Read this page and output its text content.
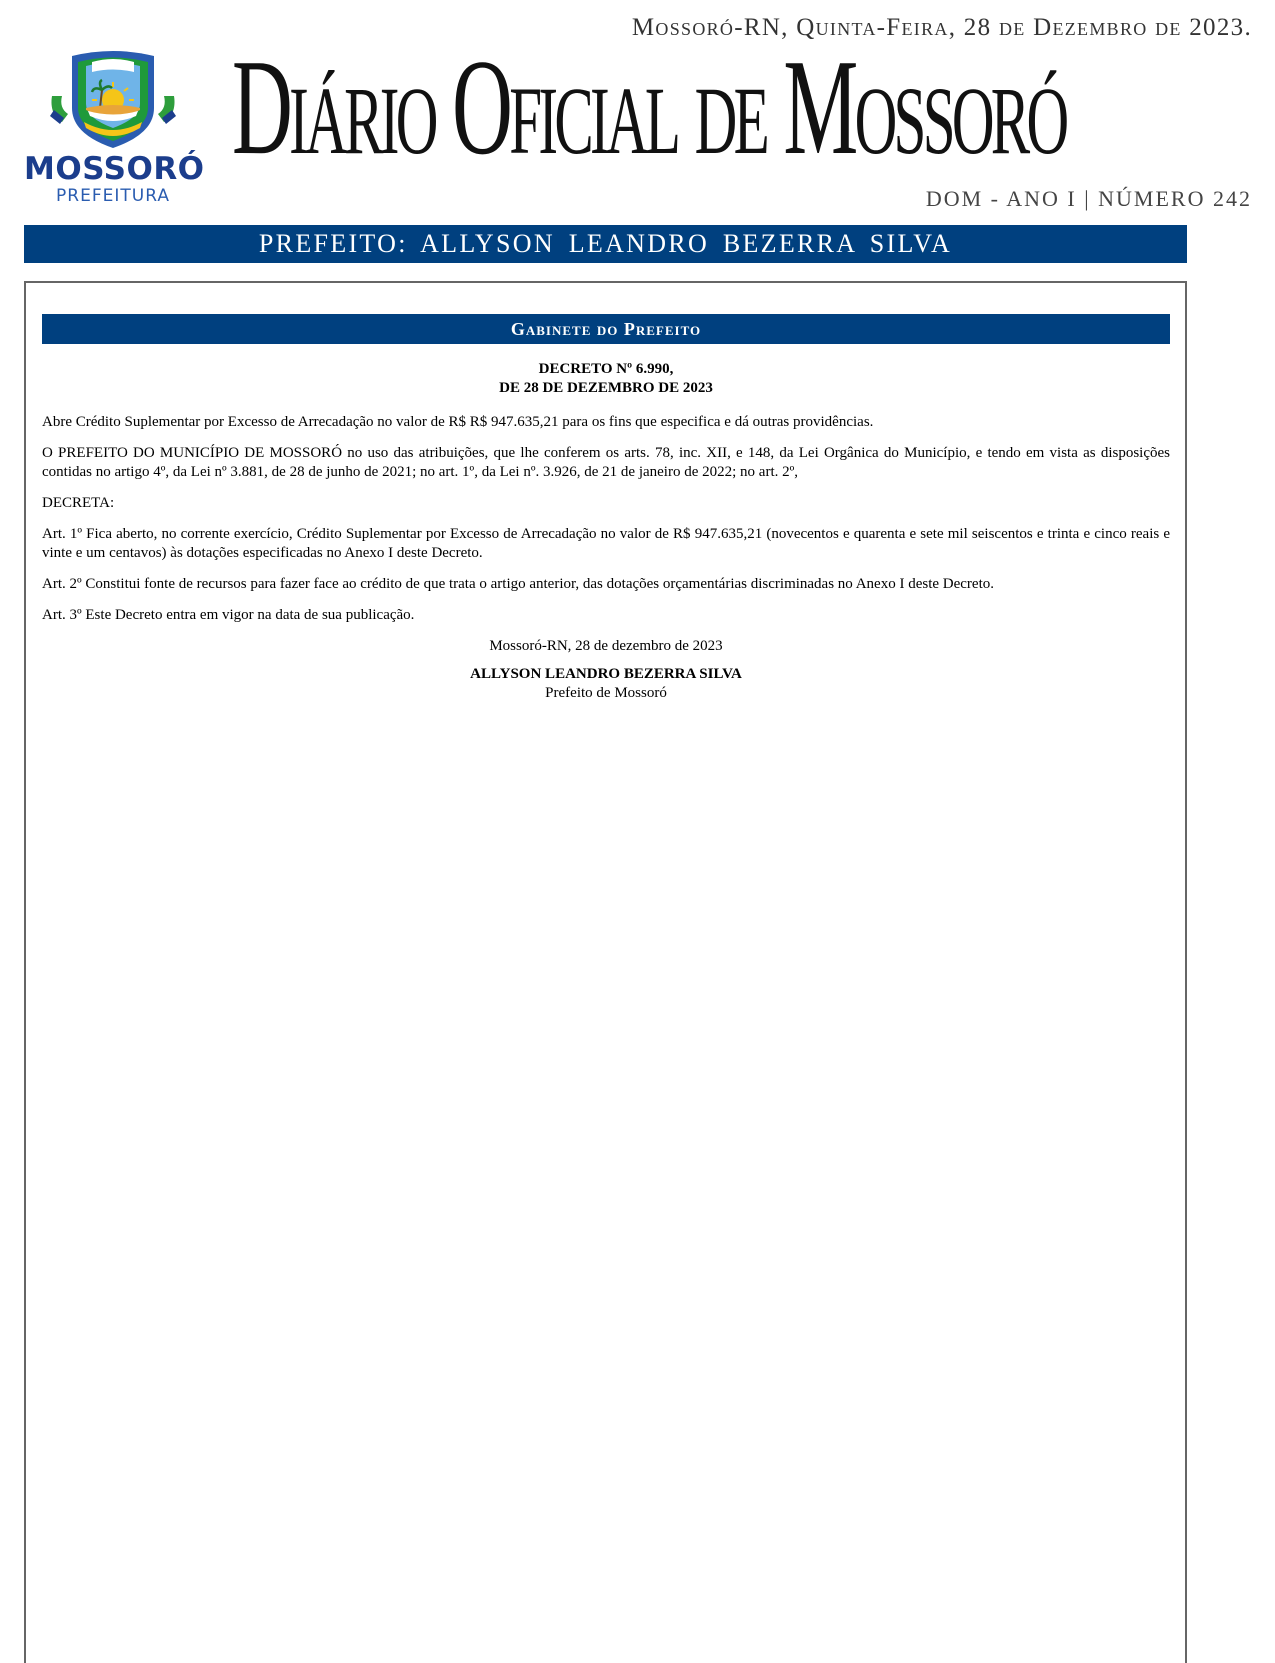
MOSSORÓ
PREFEITURA
Mossoró-RN, Quinta-Feira, 28 de Dezembro de 2023.
Diário Oficial de Mossoró
DOM - ANO I | NÚMERO 242
PREFEITO: ALLYSON LEANDRO BEZERRA SILVA
Gabinete do Prefeito
DECRETO Nº 6.990,
DE 28 DE DEZEMBRO DE 2023

Abre Crédito Suplementar por Excesso de Arrecadação no valor de R$ R$ 947.635,21 para os fins que especifica e dá outras providências.

O PREFEITO DO MUNICÍPIO DE MOSSORÓ no uso das atribuições, que lhe conferem os arts. 78, inc. XII, e 148, da Lei Orgânica do Município, e tendo em vista as disposições contidas no artigo 4º, da Lei nº 3.881, de 28 de junho de 2021; no art. 1º, da Lei nº. 3.926, de 21 de janeiro de 2022; no art. 2º,

DECRETA:

Art. 1º Fica aberto, no corrente exercício, Crédito Suplementar por Excesso de Arrecadação no valor de R$ 947.635,21 (novecentos e quarenta e sete mil seiscentos e trinta e cinco reais e vinte e um centavos) às dotações especificadas no Anexo I deste Decreto.

Art. 2º Constitui fonte de recursos para fazer face ao crédito de que trata o artigo anterior, das dotações orçamentárias discriminadas no Anexo I deste Decreto.

Art. 3º Este Decreto entra em vigor na data de sua publicação.

Mossoró-RN, 28 de dezembro de 2023
ALLYSON LEANDRO BEZERRA SILVA
Prefeito de Mossoró
